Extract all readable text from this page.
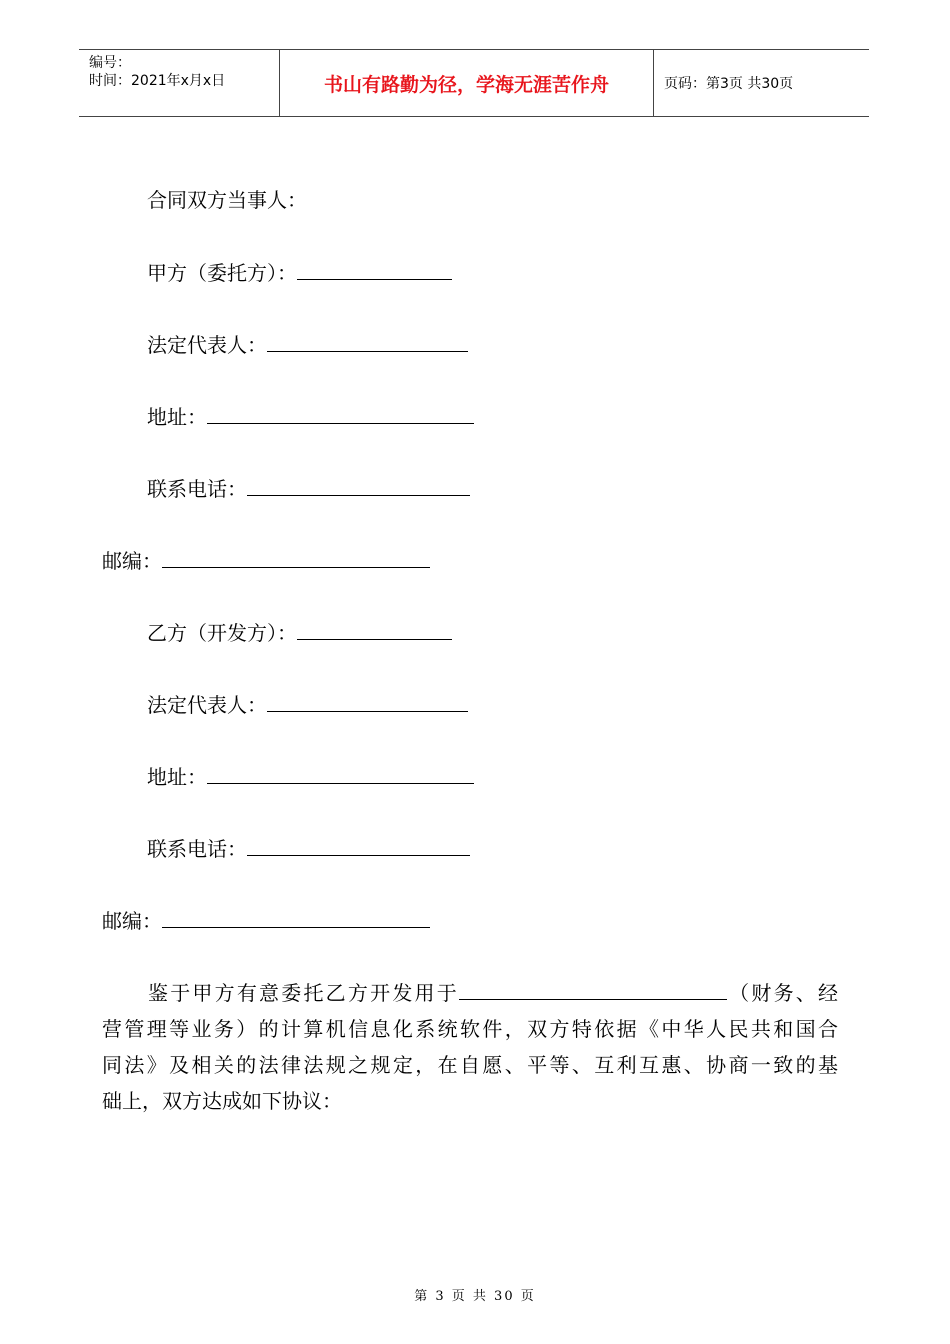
编号：
时间：2021年x月x日	书山有路勤为径，学海无涯苦作舟	页码：第3页 共30页
合同双方当事人：
甲方（委托方）：
法定代表人：
地址：
联系电话：
邮编：
乙方（开发方）：
法定代表人：
地址：
联系电话：
邮编：
鉴于甲方有意委托乙方开发用于	（财务、经
营管理等业务）的计算机信息化系统软件，双方特依据《中华人民共和国合
同法》及相关的法律法规之规定，在自愿、平等、互利互惠、协商一致的基
础上，双方达成如下协议：
第 3 页 共 30 页
